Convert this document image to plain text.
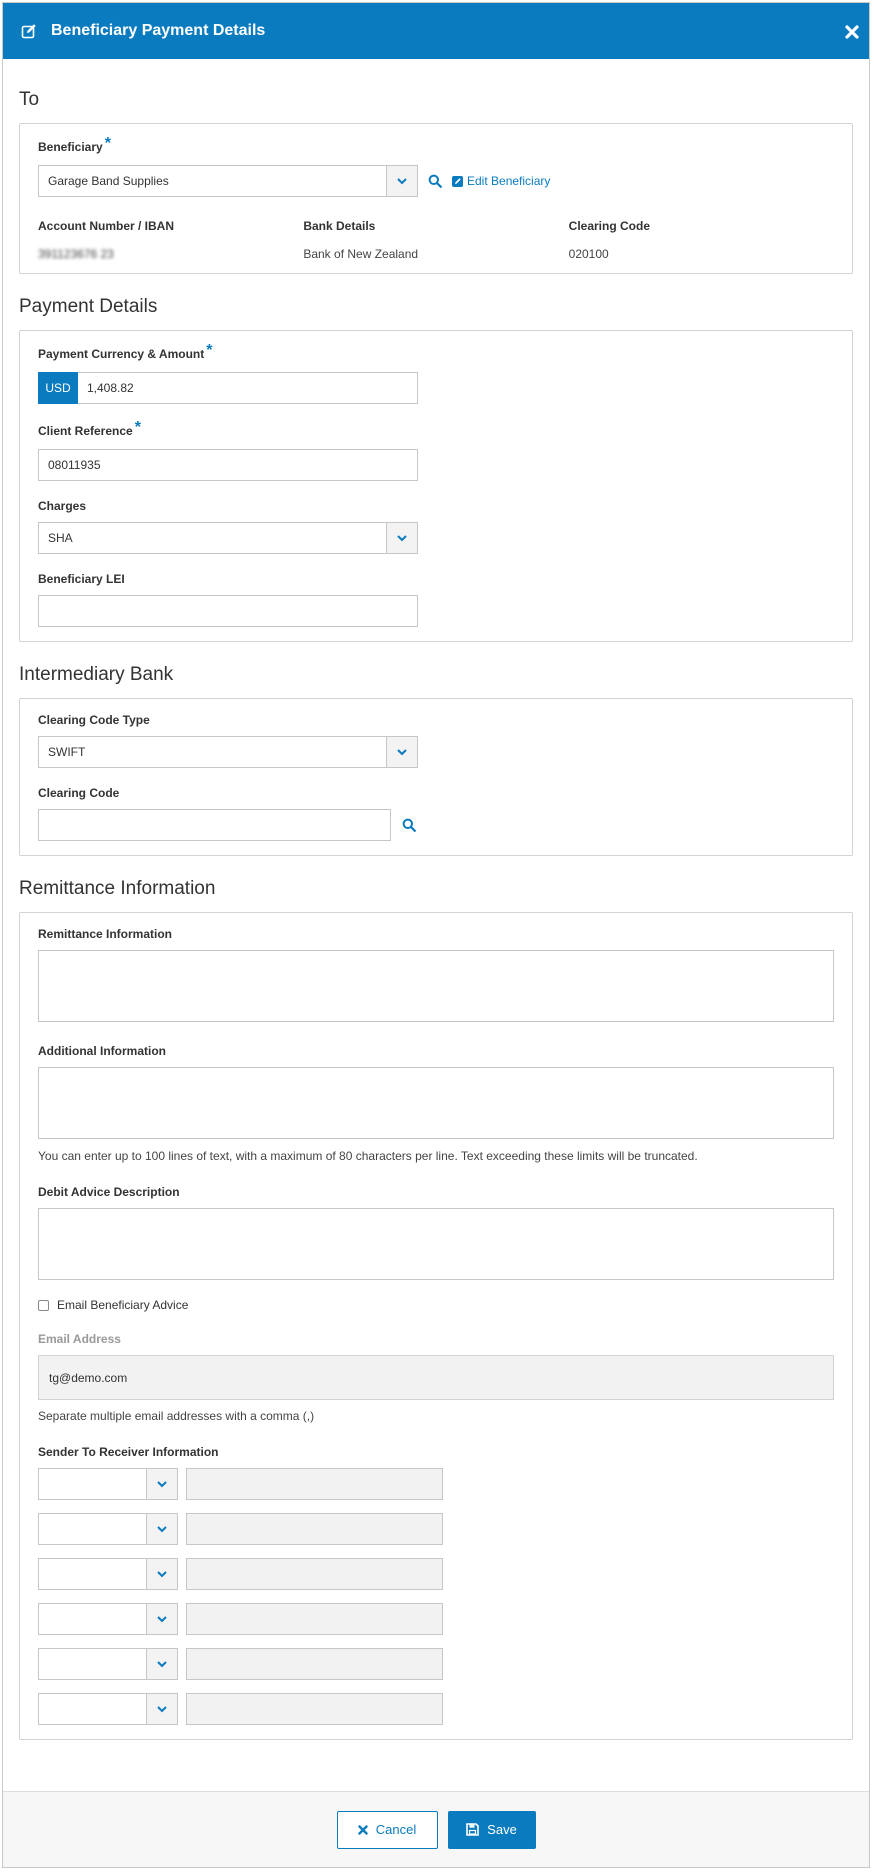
Beneficiary Payment Details
To
Beneficiary *
Garage Band Supplies	Edit Beneficiary
Account Number / IBAN
391123676 23
Bank Details
Bank of New Zealand
Clearing Code
020100
Payment Details
Payment Currency & Amount *
USD	1,408.82
Client Reference *
08011935
Charges
SHA
Beneficiary LEI
Intermediary Bank
Clearing Code Type
SWIFT
Clearing Code
Remittance Information
Remittance Information
Additional Information
You can enter up to 100 lines of text, with a maximum of 80 characters per line. Text exceeding these limits will be truncated.
Debit Advice Description
Email Beneficiary Advice
Email Address
tg@demo.com
Separate multiple email addresses with a comma (,)
Sender To Receiver Information
Cancel	Save
